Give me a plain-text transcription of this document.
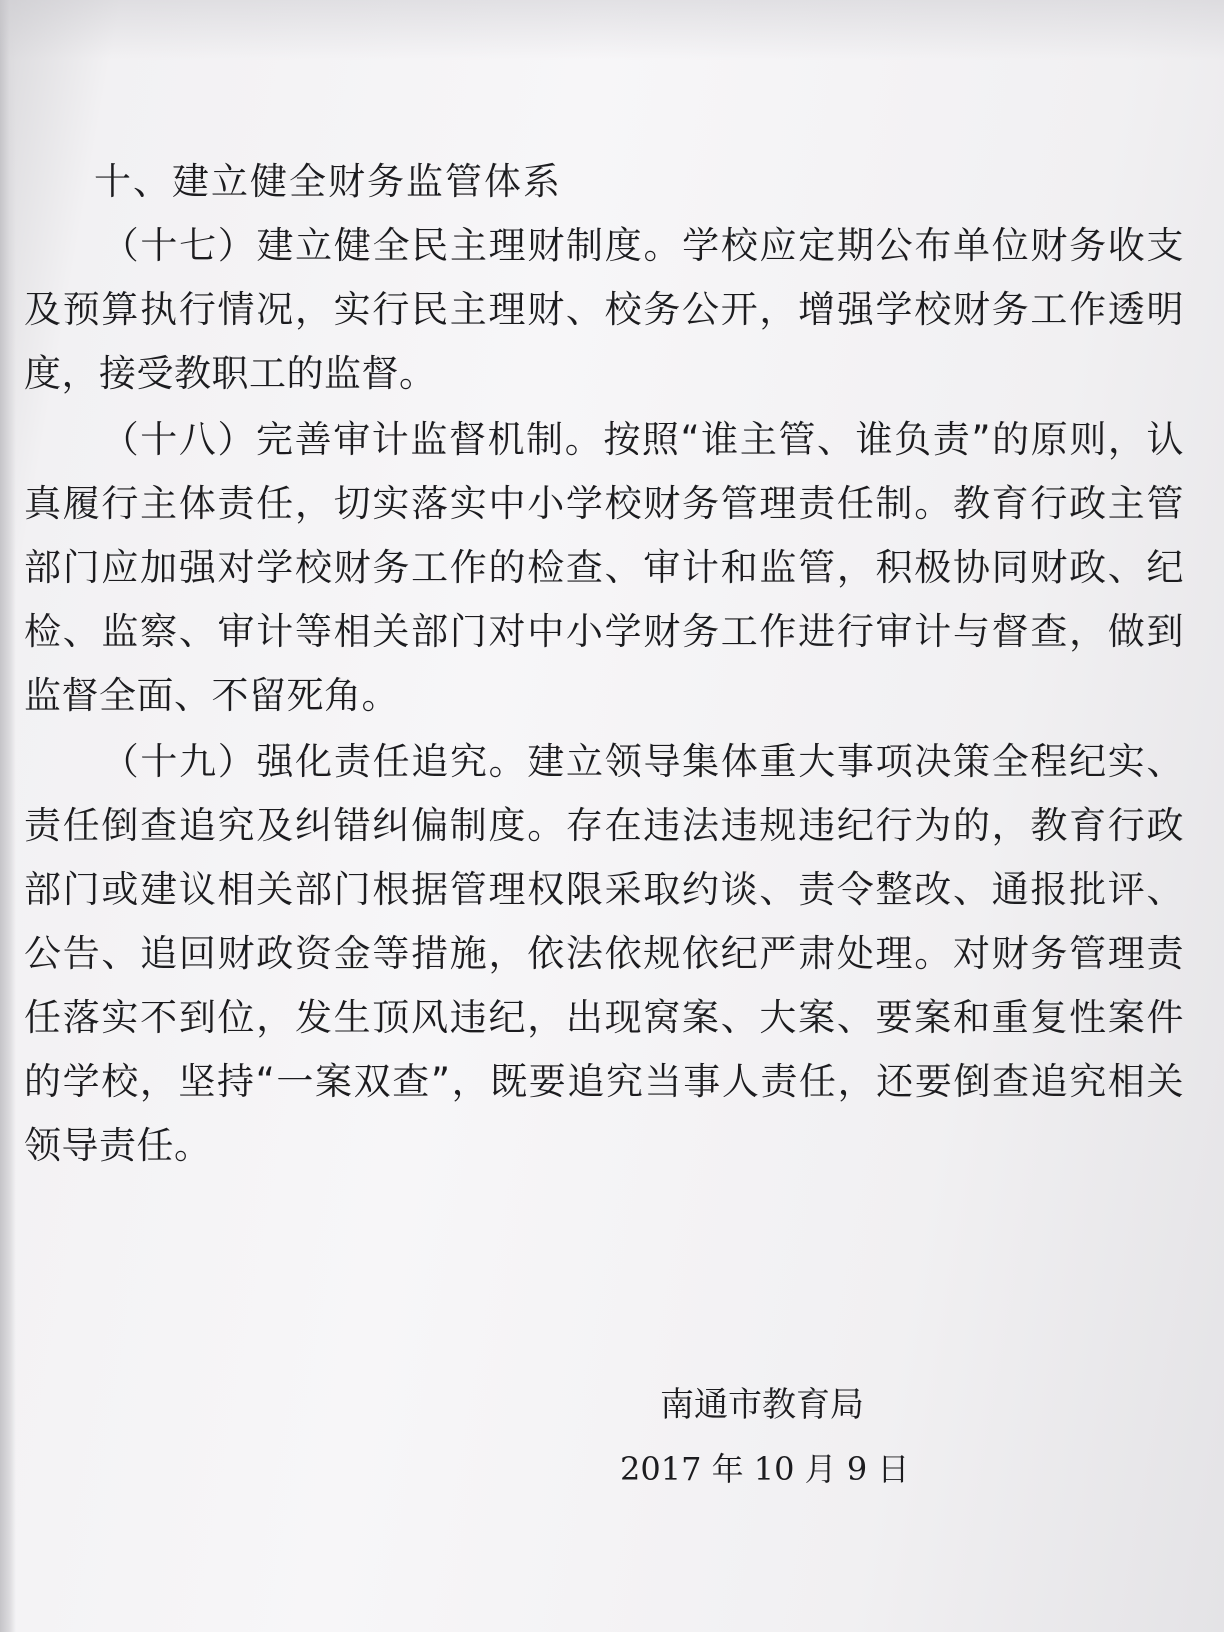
十、建立健全财务监管体系

（十七）建立健全民主理财制度。学校应定期公布单位财务收支及预算执行情况，实行民主理财、校务公开，增强学校财务工作透明度，接受教职工的监督。

（十八）完善审计监督机制。按照“谁主管、谁负责”的原则，认真履行主体责任，切实落实中小学校财务管理责任制。教育行政主管部门应加强对学校财务工作的检查、审计和监管，积极协同财政、纪检、监察、审计等相关部门对中小学财务工作进行审计与督查，做到监督全面、不留死角。

（十九）强化责任追究。建立领导集体重大事项决策全程纪实、责任倒查追究及纠错纠偏制度。存在违法违规违纪行为的，教育行政部门或建议相关部门根据管理权限采取约谈、责令整改、通报批评、公告、追回财政资金等措施，依法依规依纪严肃处理。对财务管理责任落实不到位，发生顶风违纪，出现窝案、大案、要案和重复性案件的学校，坚持“一案双查”，既要追究当事人责任，还要倒查追究相关领导责任。

南通市教育局
2017 年 10 月 9 日
